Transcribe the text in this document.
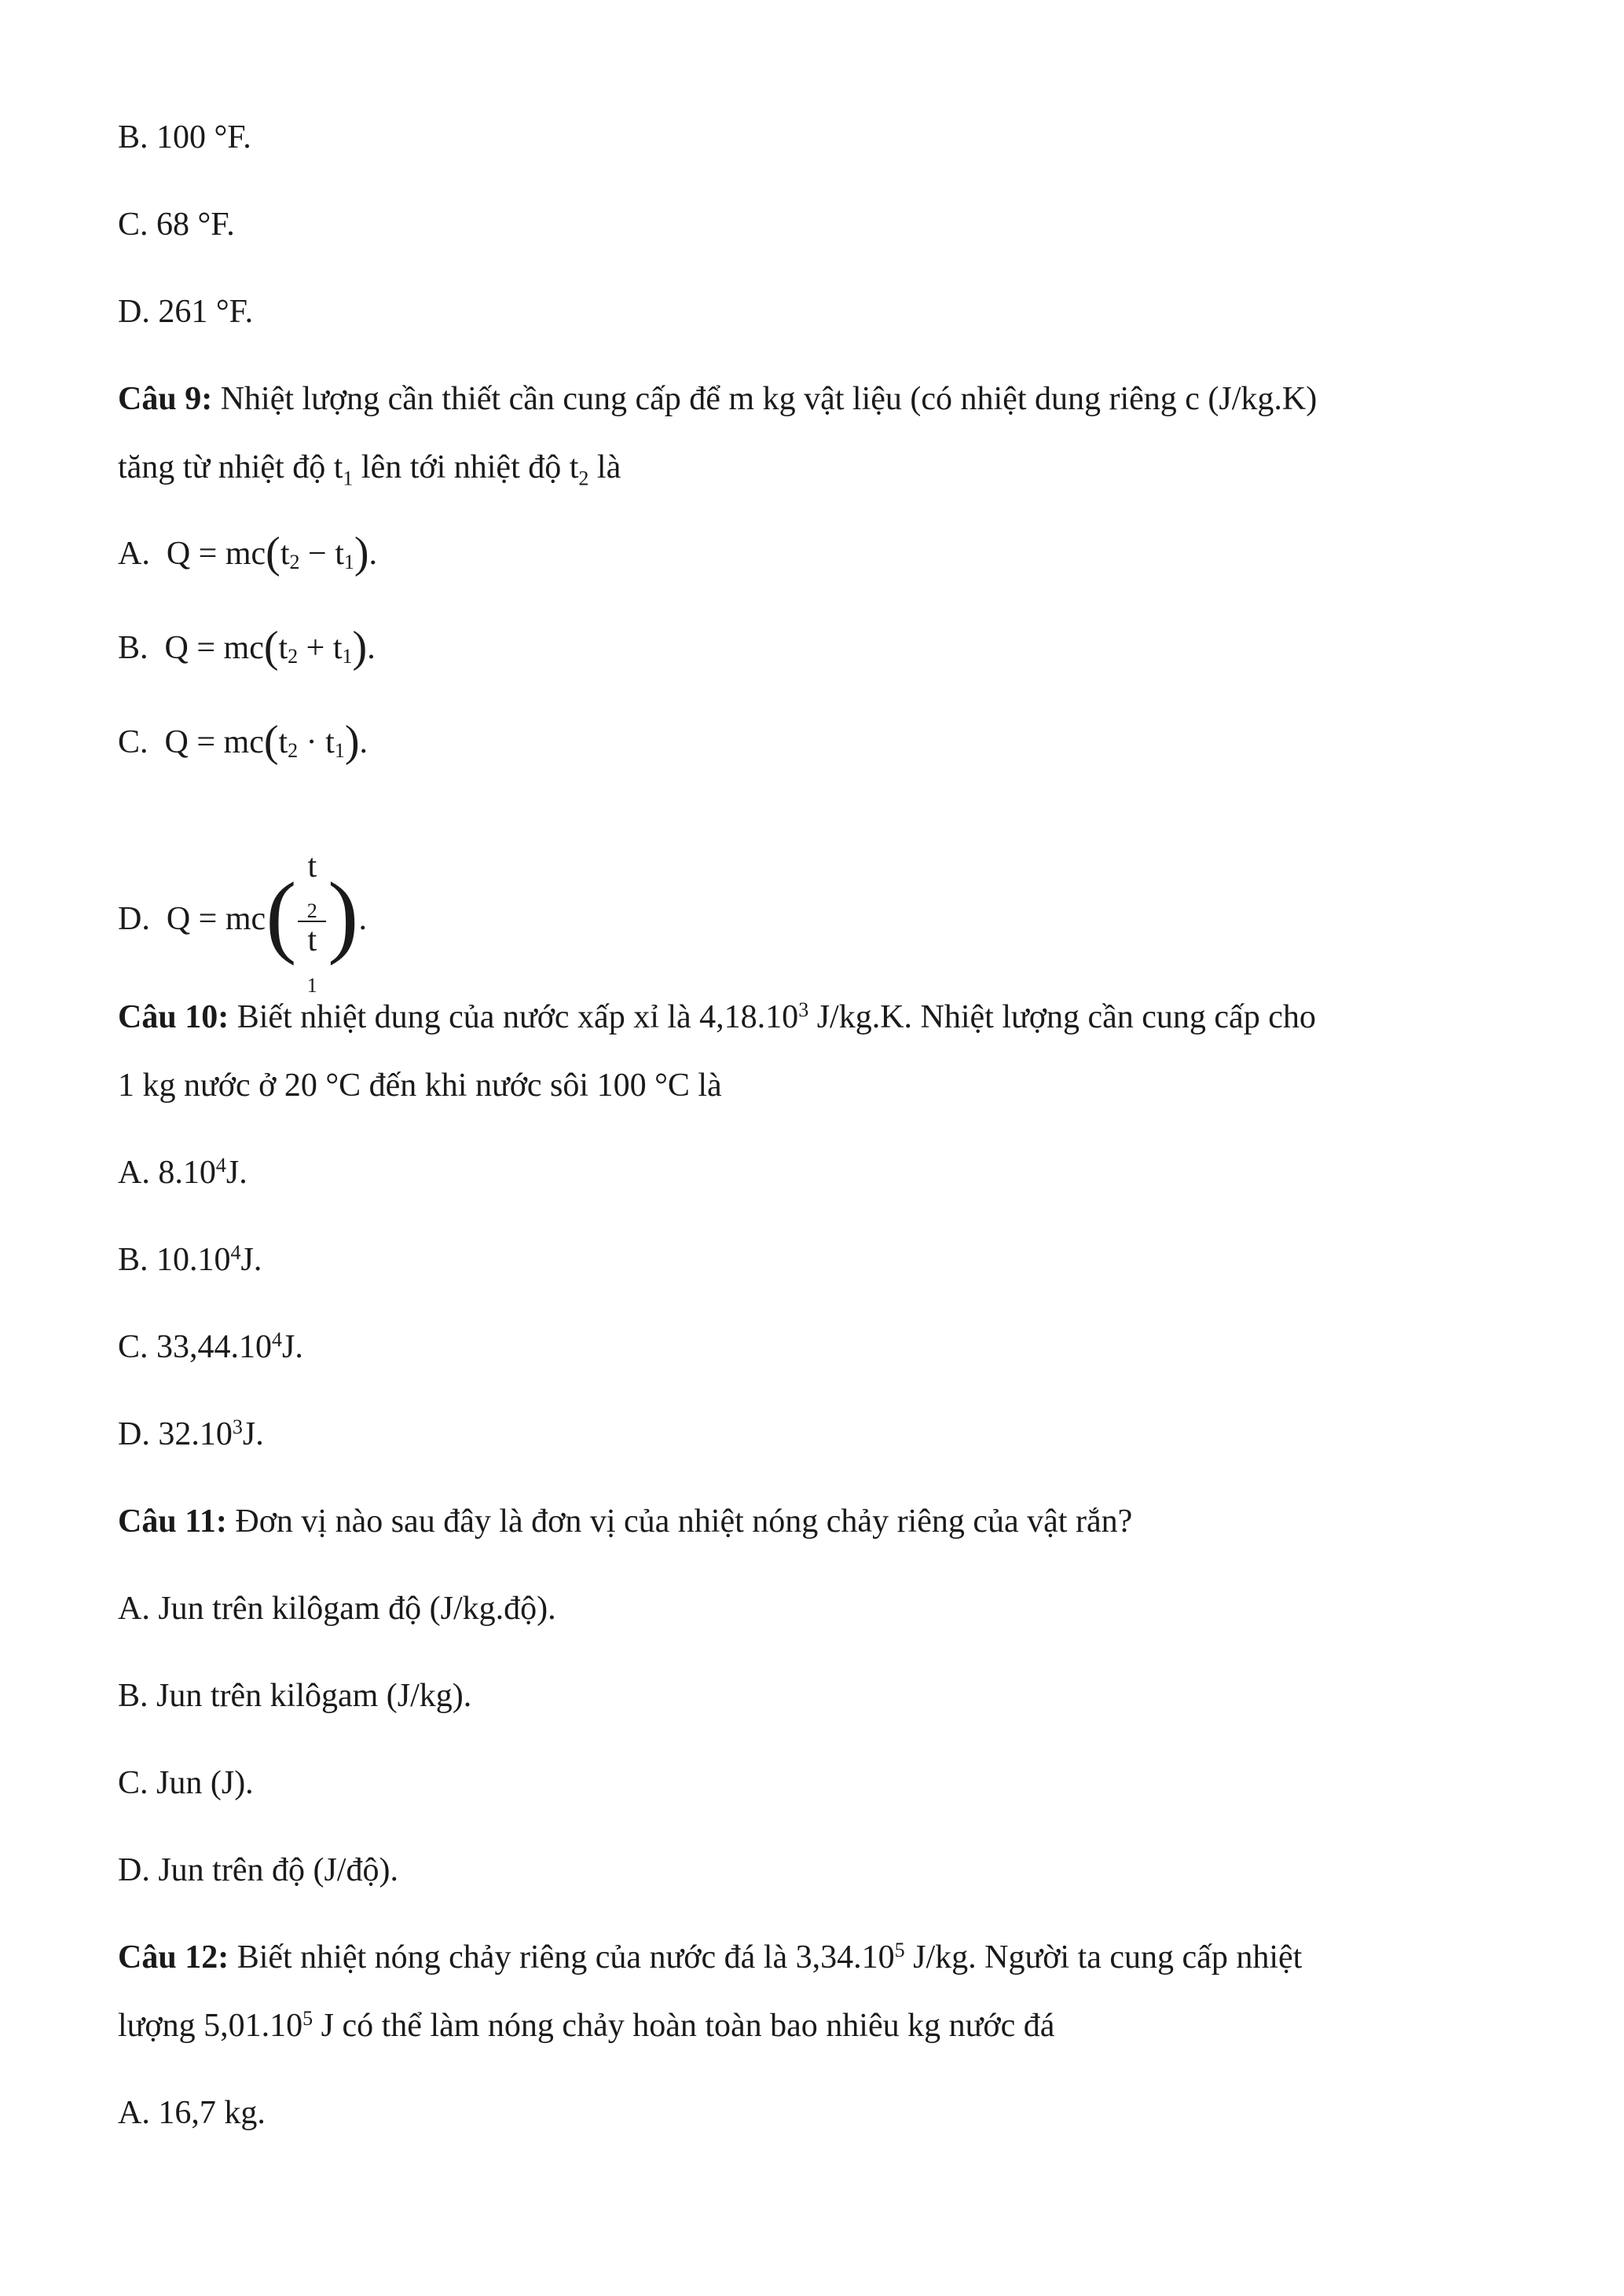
B. 100 °F.

C. 68 °F.

D. 261 °F.

Câu 9: Nhiệt lượng cần thiết cần cung cấp để m kg vật liệu (có nhiệt dung riêng c (J/kg.K)

tăng từ nhiệt độ $t_1$ lên tới nhiệt độ $t_2$ là

A. $Q = mc(t_2 - t_1)$.

B. $Q = mc(t_2 + t_1)$.

C. $Q = mc(t_2 \cdot t_1)$.

D. Q = mc( t
$_2$
t
$_1$ ).

Câu 10: Biết nhiệt dung của nước xấp xỉ là 4,18.10$^3$ J/kg.K. Nhiệt lượng cần cung cấp cho

1 kg nước ở 20 °C đến khi nước sôi 100 °C là

A. 8.10$^4$J.

B. 10.10$^4$J.

C. 33,44.10$^4$J.

D. 32.10$^3$J.

Câu 11: Đơn vị nào sau đây là đơn vị của nhiệt nóng chảy riêng của vật rắn?

A. Jun trên kilôgam độ (J/kg.độ).

B. Jun trên kilôgam (J/kg).

C. Jun (J).

D. Jun trên độ (J/độ).

Câu 12: Biết nhiệt nóng chảy riêng của nước đá là 3,34.10$^5$ J/kg. Người ta cung cấp nhiệt

lượng 5,01.10$^5$ J có thể làm nóng chảy hoàn toàn bao nhiêu kg nước đá

A. 16,7 kg.
